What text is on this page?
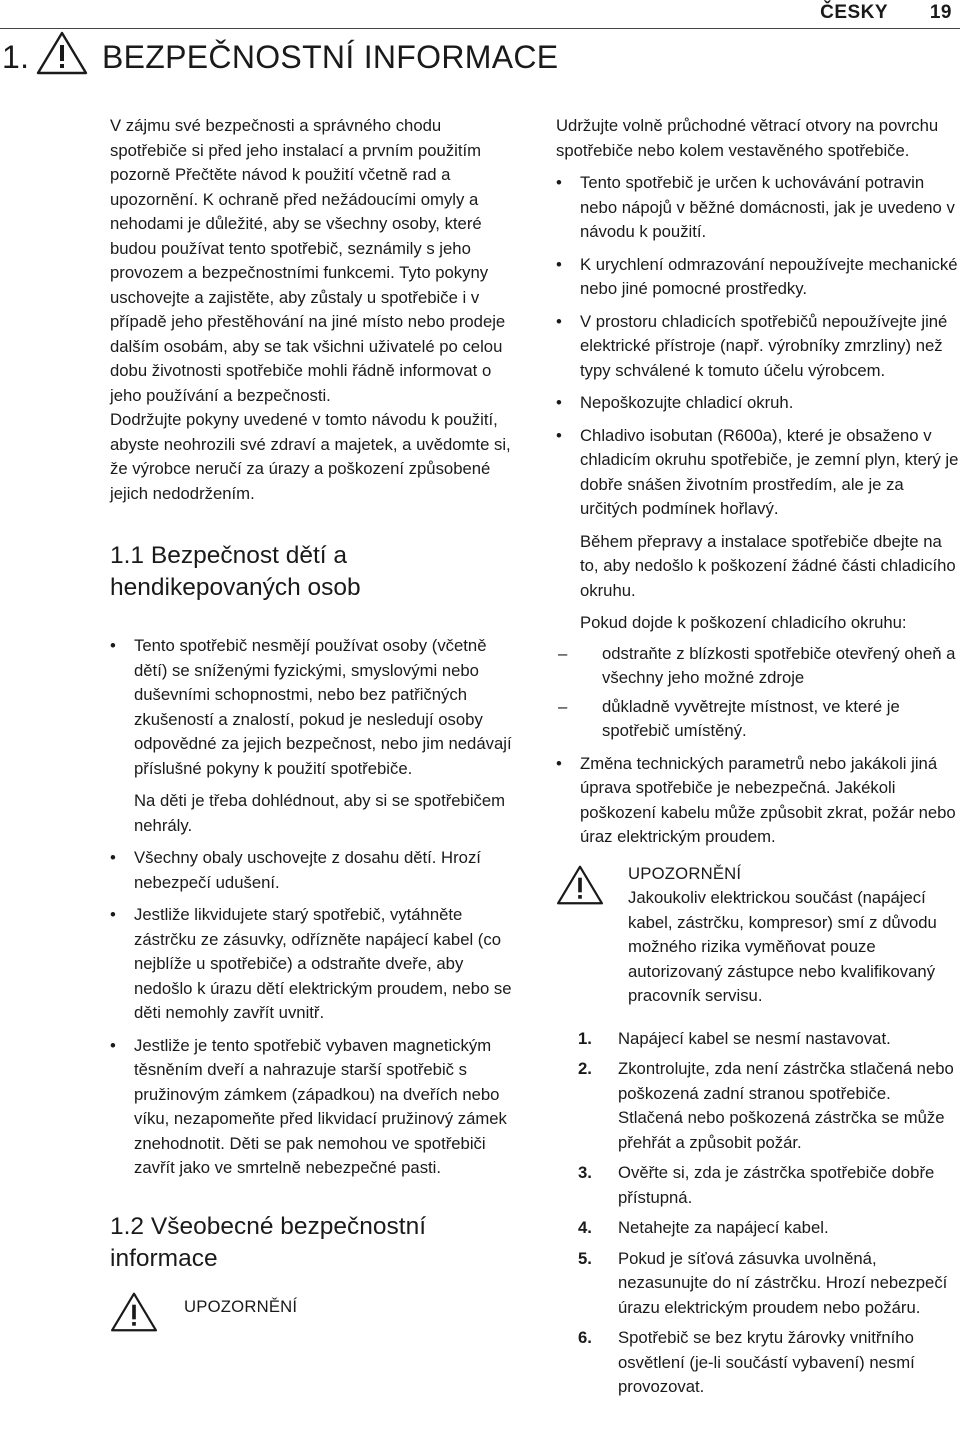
ČESKY 19
1. BEZPEČNOSTNÍ INFORMACE

V zájmu své bezpečnosti a správného chodu spotřebiče si před jeho instalací a prvním použitím pozorně Přečtěte návod k použití včetně rad a upozornění. K ochraně před nežádoucími omyly a nehodami je důležité, aby se všechny osoby, které budou používat tento spotřebič, seznámily s jeho provozem a bezpečnostními funkcemi. Tyto pokyny uschovejte a zajistěte, aby zůstaly u spotřebiče i v případě jeho přestěhování na jiné místo nebo prodeje dalším osobám, aby se tak všichni uživatelé po celou dobu životnosti spotřebiče mohli řádně informovat o jeho používání a bezpečnosti.

Dodržujte pokyny uvedené v tomto návodu k použití, abyste neohrozili své zdraví a majetek, a uvědomte si, že výrobce neručí za úrazy a poškození způsobené jejich nedodržením.

1.1 Bezpečnost dětí a hendikepovaných osob
• Tento spotřebič nesmějí používat osoby (včetně dětí) se sníženými fyzickými, smyslovými nebo duševními schopnostmi, nebo bez patřičných zkušeností a znalostí, pokud je nesledují osoby odpovědné za jejich bezpečnost, nebo jim nedávají příslušné pokyny k použití spotřebiče.
Na děti je třeba dohlédnout, aby si se spotřebičem nehrály.
• Všechny obaly uschovejte z dosahu dětí. Hrozí nebezpečí udušení.
• Jestliže likvidujete starý spotřebič, vytáhněte zástrčku ze zásuvky, odřízněte napájecí kabel (co nejblíže u spotřebiče) a odstraňte dveře, aby nedošlo k úrazu dětí elektrickým proudem, nebo se děti nemohly zavřít uvnitř.
• Jestliže je tento spotřebič vybaven magnetickým těsněním dveří a nahrazuje starší spotřebič s pružinovým zámkem (západkou) na dveřích nebo víku, nezapomeňte před likvidací pružinový zámek znehodnotit. Děti se pak nemohou ve spotřebiči zavřít jako ve smrtelně nebezpečné pasti.
1.2 Všeobecné bezpečnostní informace
UPOZORNĚNÍ

Udržujte volně průchodné větrací otvory na povrchu spotřebiče nebo kolem vestavěného spotřebiče.

• Tento spotřebič je určen k uchovávání potravin nebo nápojů v běžné domácnosti, jak je uvedeno v návodu k použití.
• K urychlení odmrazování nepoužívejte mechanické nebo jiné pomocné prostředky.
• V prostoru chladicích spotřebičů nepoužívejte jiné elektrické přístroje (např. výrobníky zmrzliny) než typy schválené k tomuto účelu výrobcem.
• Nepoškozujte chladicí okruh.
• Chladivo isobutan (R600a), které je obsaženo v chladicím okruhu spotřebiče, je zemní plyn, který je dobře snášen životním prostředím, ale je za určitých podmínek hořlavý.
Během přepravy a instalace spotřebiče dbejte na to, aby nedošlo k poškození žádné části chladicího okruhu.
Pokud dojde k poškození chladicího okruhu:
– odstraňte z blízkosti spotřebiče otevřený oheň a všechny jeho možné zdroje
– důkladně vyvětrejte místnost, ve které je spotřebič umístěný.
• Změna technických parametrů nebo jakákoli jiná úprava spotřebiče je nebezpečná. Jakékoli poškození kabelu může způsobit zkrat, požár nebo úraz elektrickým proudem.
UPOZORNĚNÍ
Jakoukoliv elektrickou součást (napájecí kabel, zástrčku, kompresor) smí z důvodu možného rizika vyměňovat pouze autorizovaný zástupce nebo kvalifikovaný pracovník servisu.
1. Napájecí kabel se nesmí nastavovat.
2. Zkontrolujte, zda není zástrčka stlačená nebo poškozená zadní stranou spotřebiče. Stlačená nebo poškozená zástrčka se může přehřát a způsobit požár.
3. Ověřte si, zda je zástrčka spotřebiče dobře přístupná.
4. Netahejte za napájecí kabel.
5. Pokud je síťová zásuvka uvolněná, nezasunujte do ní zástrčku. Hrozí nebezpečí úrazu elektrickým proudem nebo požáru.
6. Spotřebič se bez krytu žárovky vnitřního osvětlení (je-li součástí vybavení) nesmí provozovat.
